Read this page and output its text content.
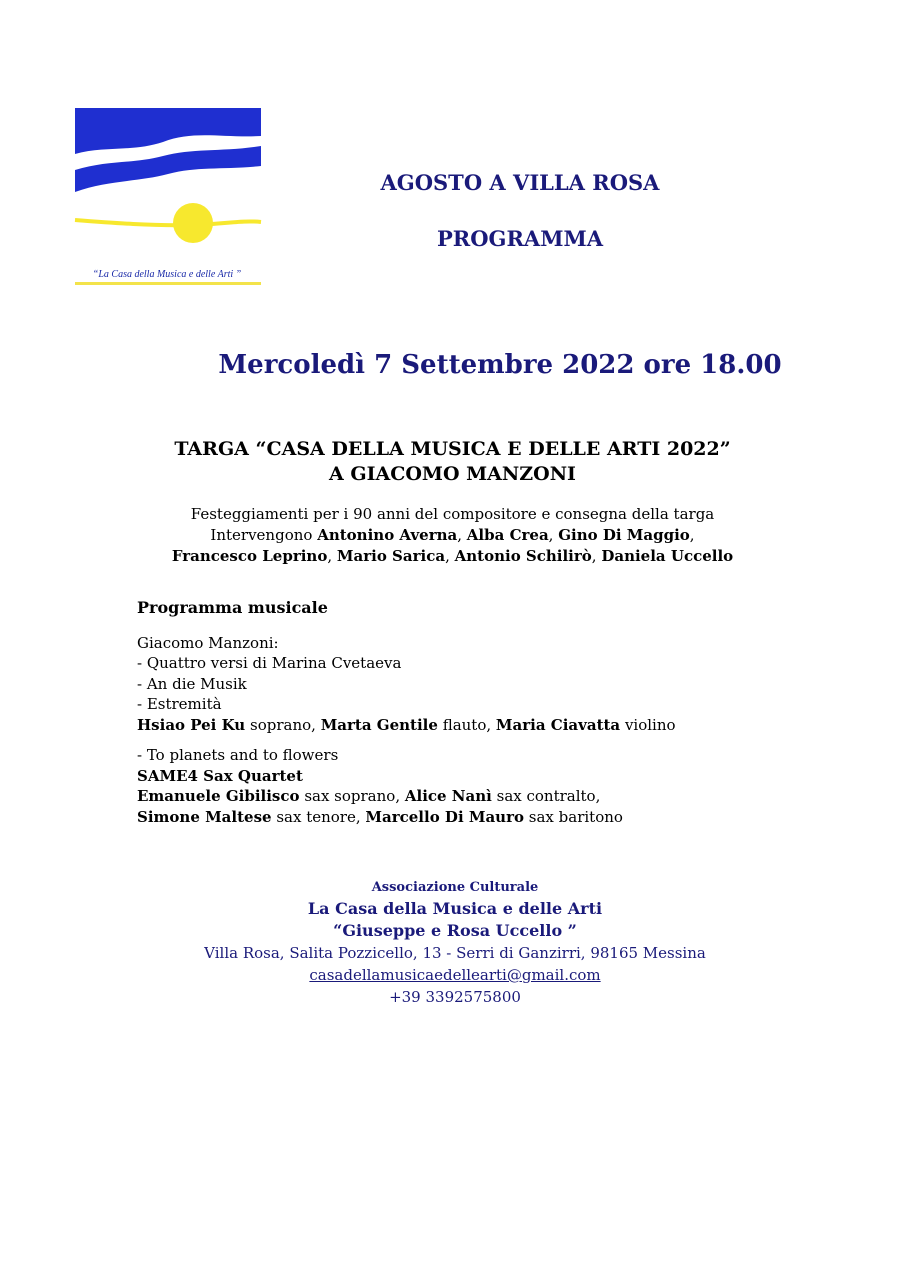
“La Casa della Musica e delle Arti ”
AGOSTO A VILLA ROSA
PROGRAMMA
Mercoledì 7 Settembre 2022 ore 18.00
TARGA “CASA DELLA MUSICA E DELLE ARTI 2022”
A GIACOMO MANZONI
Festeggiamenti per i 90 anni del compositore e consegna della targa
Intervengono Antonino Averna, Alba Crea, Gino Di Maggio,
Francesco Leprino, Mario Sarica, Antonio Schilirò, Daniela Uccello
Programma musicale
Giacomo Manzoni:
- Quattro versi di Marina Cvetaeva
- An die Musik
- Estremità
Hsiao Pei Ku soprano, Marta Gentile flauto, Maria Ciavatta violino
- To planets and to flowers
SAME4 Sax Quartet
Emanuele Gibilisco sax soprano, Alice Nanì sax contralto,
Simone Maltese sax tenore, Marcello Di Mauro sax baritono
Associazione Culturale
La Casa della Musica e delle Arti
“Giuseppe e Rosa Uccello ”
Villa Rosa, Salita Pozzicello, 13 - Serri di Ganzirri, 98165 Messina
casadellamusicaedellearti@gmail.com
+39 3392575800
